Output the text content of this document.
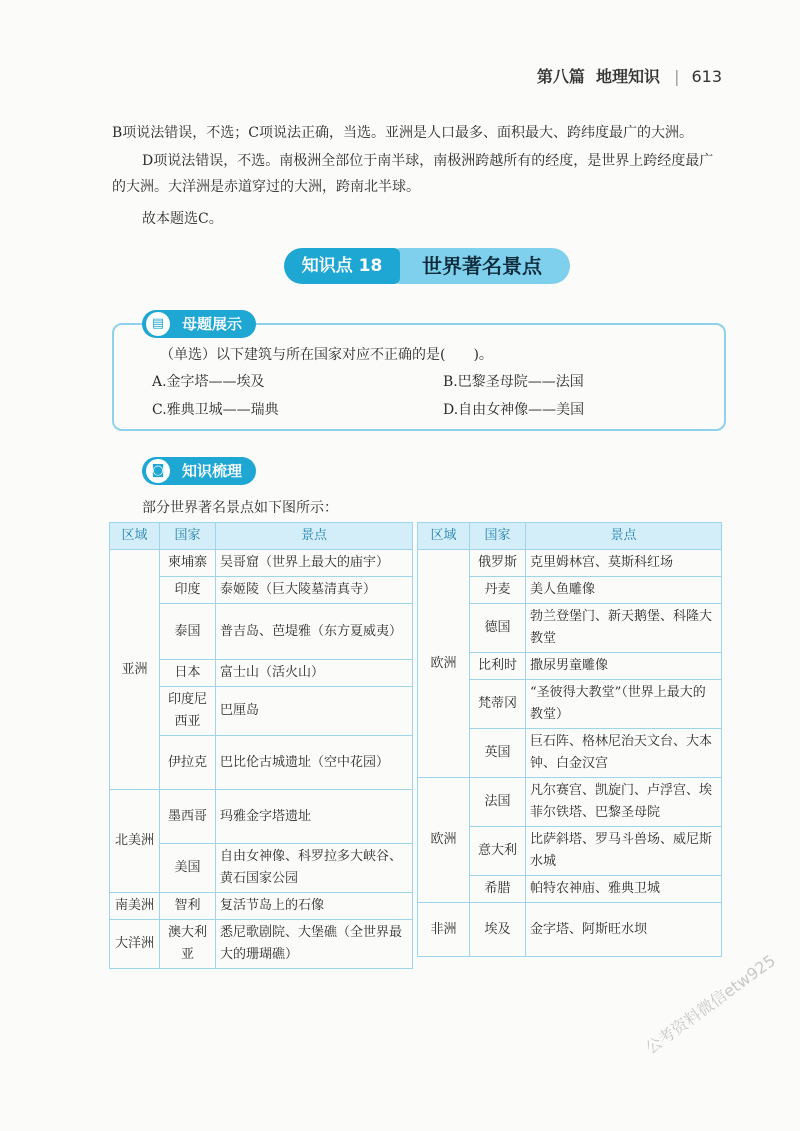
第八篇 地理知识 | 613
B项说法错误，不选；C项说法正确，当选。亚洲是人口最多、面积最大、跨纬度最广的大洲。
D项说法错误，不选。南极洲全部位于南半球，南极洲跨越所有的经度，是世界上跨经度最广的大洲。大洋洲是赤道穿过的大洲，跨南北半球。
故本题选C。
世界著名景点
知识点 18
▤	母题展示
（单选）以下建筑与所在国家对应不正确的是(　　)。
A.金字塔——埃及	B.巴黎圣母院——法国
C.雅典卫城——瑞典	D.自由女神像——美国
◙	知识梳理
部分世界著名景点如下图所示：
区域	国家	景点
亚洲	柬埔寨	吴哥窟（世界上最大的庙宇）
	印度	泰姬陵（巨大陵墓清真寺）
	泰国	普吉岛、芭堤雅（东方夏威夷）
	日本	富士山（活火山）
	印度尼西亚	巴厘岛
	伊拉克	巴比伦古城遗址（空中花园）
北美洲	墨西哥	玛雅金字塔遗址
	美国	自由女神像、科罗拉多大峡谷、黄石国家公园
南美洲	智利	复活节岛上的石像
大洋洲	澳大利亚	悉尼歌剧院、大堡礁（全世界最大的珊瑚礁）
区域	国家	景点
欧洲	俄罗斯	克里姆林宫、莫斯科红场
	丹麦	美人鱼雕像
	德国	勃兰登堡门、新天鹅堡、科隆大教堂
	比利时	撒尿男童雕像
	梵蒂冈	“圣彼得大教堂”（世界上最大的教堂）
	英国	巨石阵、格林尼治天文台、大本钟、白金汉宫
欧洲	法国	凡尔赛宫、凯旋门、卢浮宫、埃菲尔铁塔、巴黎圣母院
	意大利	比萨斜塔、罗马斗兽场、威尼斯水城
	希腊	帕特农神庙、雅典卫城
非洲	埃及	金字塔、阿斯旺水坝
公考资料微信etw925
